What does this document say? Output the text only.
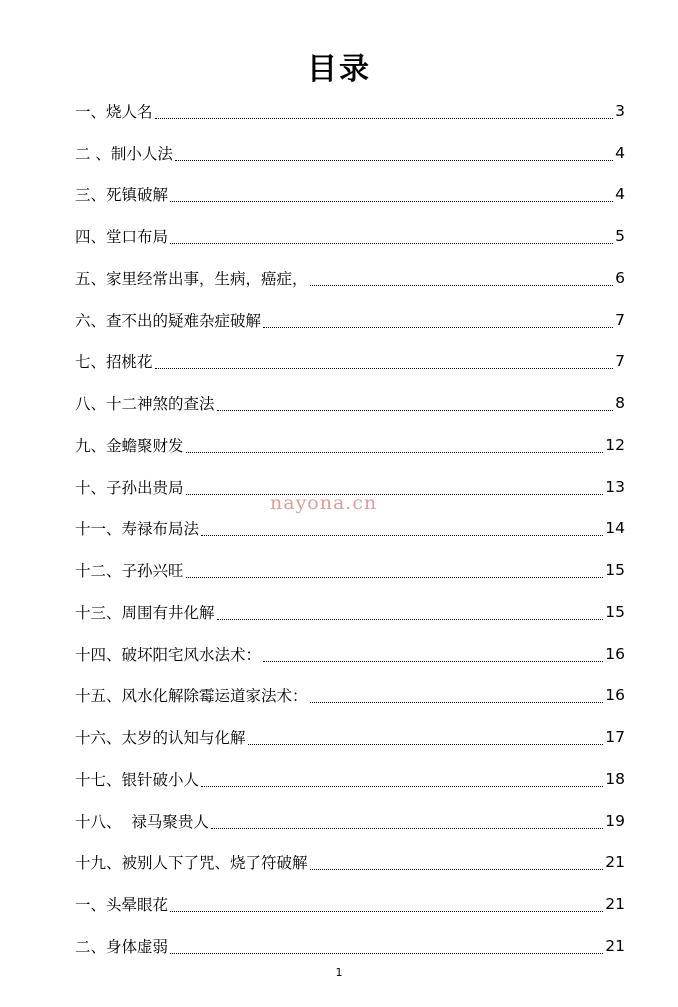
目录
一、烧人名	3
二 、制小人法	4
三、死镇破解	4
四、堂口布局	5
五、家里经常出事，生病，癌症，	6
六、查不出的疑难杂症破解	7
七、招桃花	7
八、十二神煞的查法	8
九、金蟾聚财发	12
十、子孙出贵局	13
十一、寿禄布局法	14
十二、子孙兴旺	15
十三、周围有井化解	15
十四、破坏阳宅风水法术：	16
十五、风水化解除霉运道家法术：	16
十六、太岁的认知与化解	17
十七、银针破小人	18
十八、  禄马聚贵人	19
十九、被别人下了咒、烧了符破解	21
一、头晕眼花	21
二、身体虚弱	21
nayona.cn
1
